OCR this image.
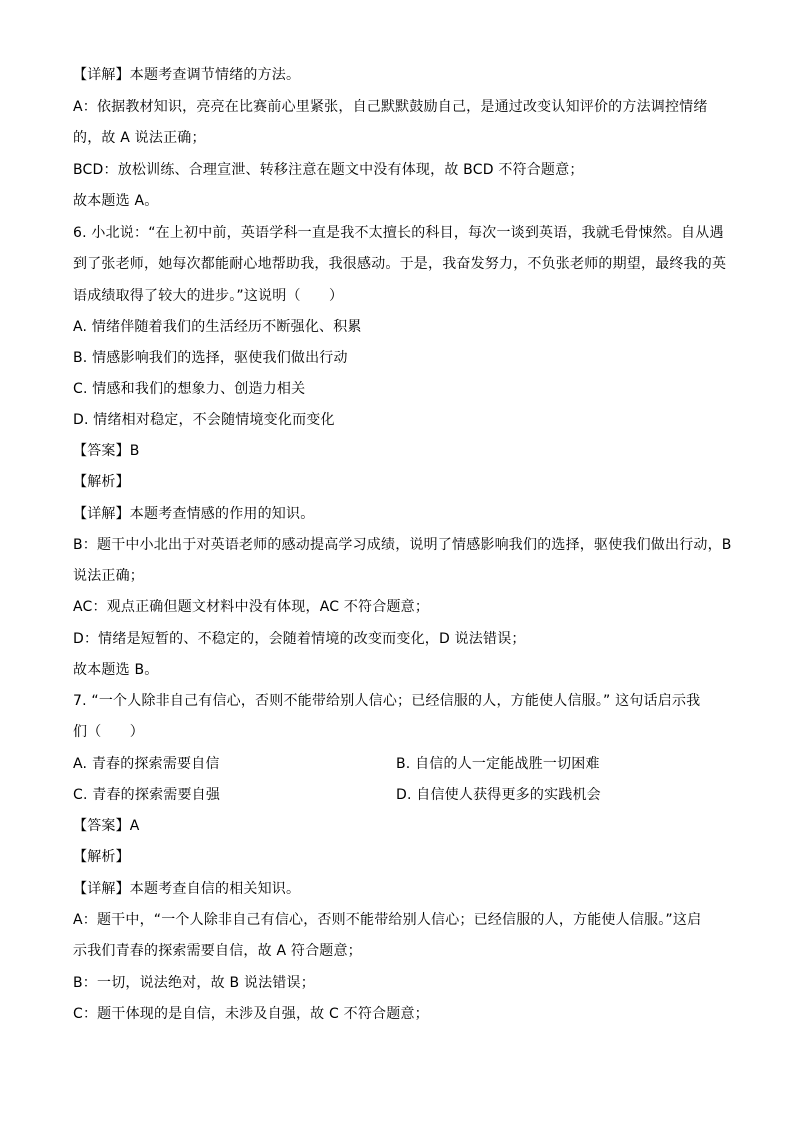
【详解】本题考查调节情绪的方法。
A：依据教材知识，亮亮在比赛前心里紧张，自己默默鼓励自己，是通过改变认知评价的方法调控情绪
的，故 A 说法正确；
BCD：放松训练、合理宣泄、转移注意在题文中没有体现，故 BCD 不符合题意；
故本题选 A。
6. 小北说：“在上初中前，英语学科一直是我不太擅长的科目，每次一谈到英语，我就毛骨悚然。自从遇
到了张老师，她每次都能耐心地帮助我，我很感动。于是，我奋发努力，不负张老师的期望，最终我的英
语成绩取得了较大的进步。”这说明（　　）
A. 情绪伴随着我们的生活经历不断强化、积累
B. 情感影响我们的选择，驱使我们做出行动
C. 情感和我们的想象力、创造力相关
D. 情绪相对稳定，不会随情境变化而变化
【答案】B
【解析】
【详解】本题考查情感的作用的知识。
B：题干中小北出于对英语老师的感动提高学习成绩，说明了情感影响我们的选择，驱使我们做出行动，B
说法正确；
AC：观点正确但题文材料中没有体现，AC 不符合题意；
D：情绪是短暂的、不稳定的，会随着情境的改变而变化，D 说法错误；
故本题选 B。
7. “一个人除非自己有信心，否则不能带给别人信心；已经信服的人，方能使人信服。” 这句话启示我
们（　　）
A. 青春的探索需要自信	B. 自信的人一定能战胜一切困难
C. 青春的探索需要自强	D. 自信使人获得更多的实践机会
【答案】A
【解析】
【详解】本题考查自信的相关知识。
A：题干中，“一个人除非自己有信心，否则不能带给别人信心；已经信服的人，方能使人信服。”这启
示我们青春的探索需要自信，故 A 符合题意；
B：一切，说法绝对，故 B 说法错误；
C：题干体现的是自信，未涉及自强，故 C 不符合题意；
